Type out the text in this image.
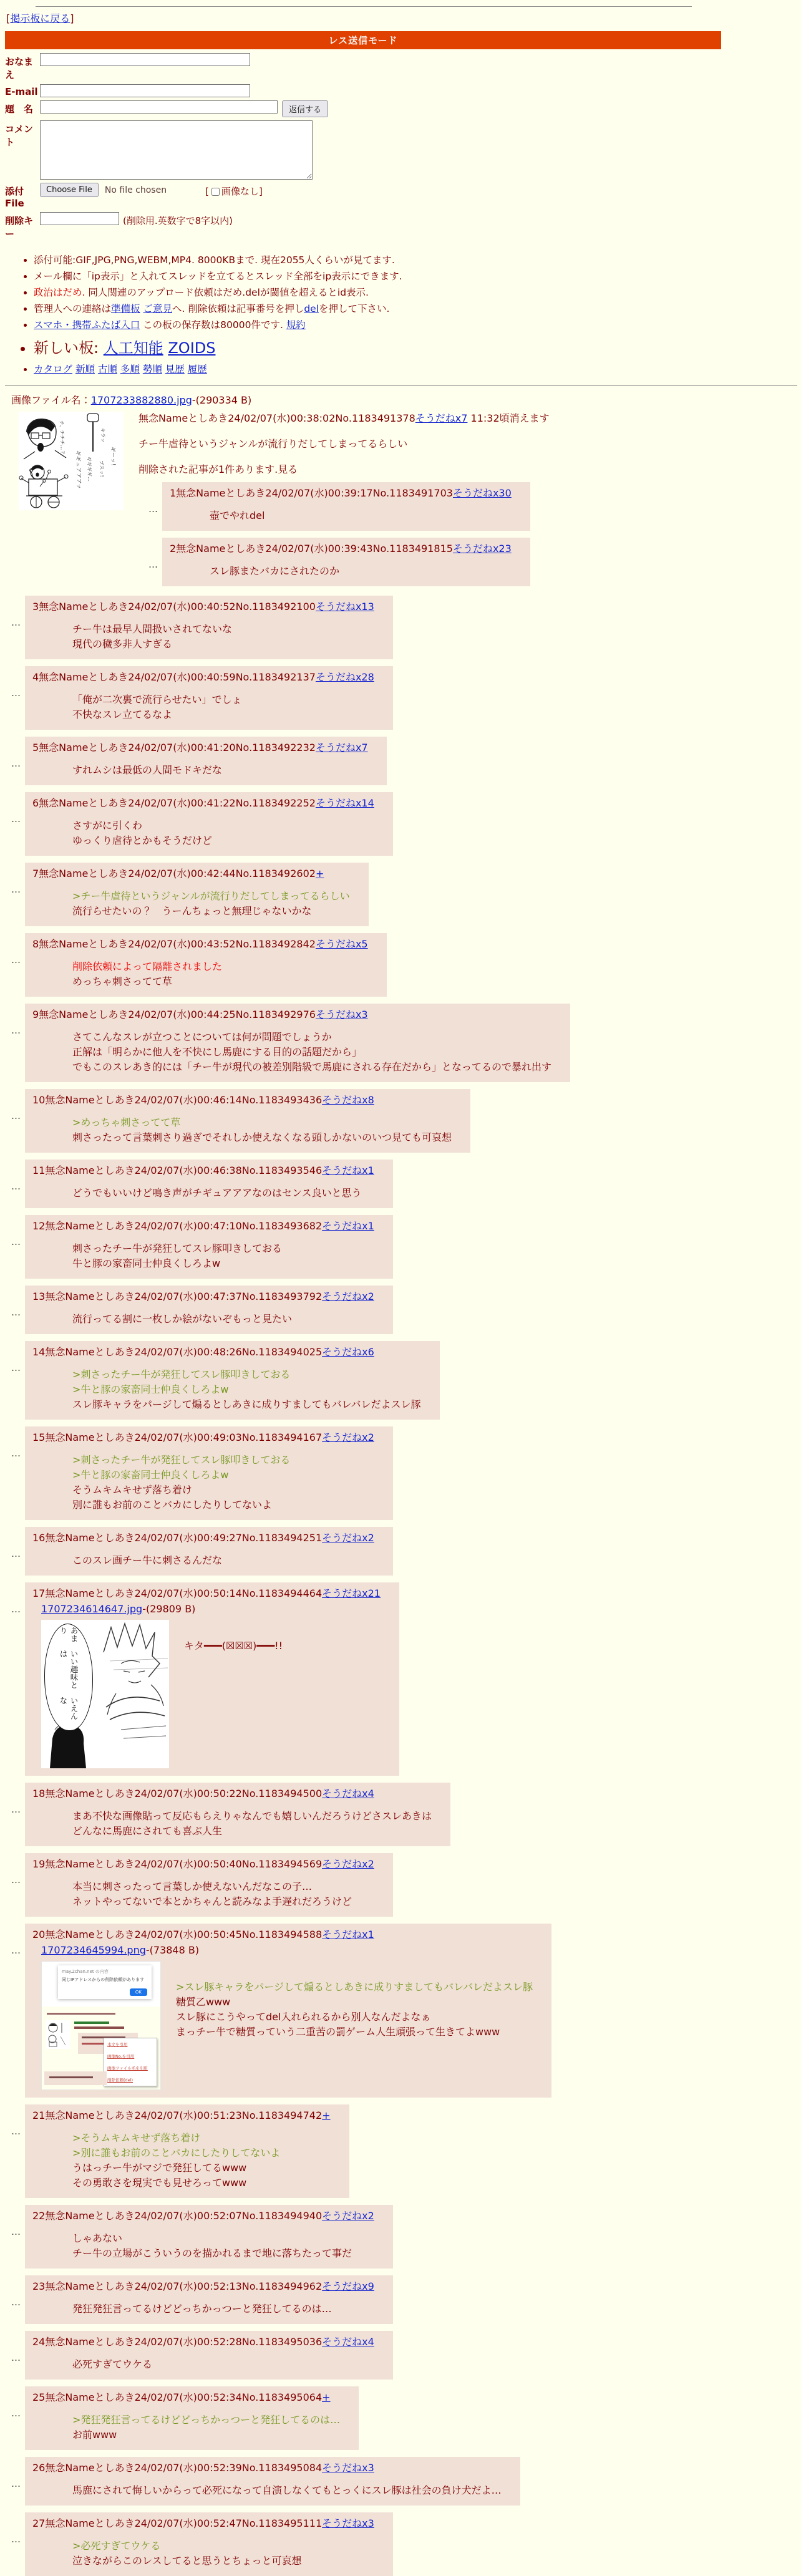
[掲示板に戻る]
レス送信モード
おなまえ
E-mail
題　名	返信する
コメント
添付File
Choose File	No file chosen	[ 画像なし]
削除キー
(削除用.英数字で8字以内)
• 添付可能:GIF,JPG,PNG,WEBM,MP4. 8000KBまで. 現在2055人くらいが見てます.
• メール欄に「ip表示」と入れてスレッドを立てるとスレッド全部をip表示にできます.
• 政治はだめ. 同人関連のアップロード依頼はだめ.delが閾値を超えるとid表示.
• 管理人への連絡は準備板 ご意見へ. 削除依頼は記事番号を押しdelを押して下さい.
• スマホ・携帯ふたば入口 この板の保存数は80000件です. 規約
• 新しい板: 人工知能 ZOIDS
• カタログ 新順 古順 多順 勢順 見歴 履歴
画像ファイル名：1707233882880.jpg-(290334 B)
チ、チチチ…？	キラッ
ギギュアアアッ ギギギギ… ブスッ!
ギーッ!
無念Nameとしあき24/02/07(水)00:38:02No.1183491378そうだねx7 11:32頃消えます
チー牛虐待というジャンルが流行りだしてしまってるらしい
削除された記事が1件あります.見る
…
1無念Nameとしあき24/02/07(水)00:39:17No.1183491703そうだねx30
壺でやれdel
…
2無念Nameとしあき24/02/07(水)00:39:43No.1183491815そうだねx23
スレ豚またバカにされたのか
…
3無念Nameとしあき24/02/07(水)00:40:52No.1183492100そうだねx13
チー牛は最早人間扱いされてないな
現代の穢多非人すぎる
…
4無念Nameとしあき24/02/07(水)00:40:59No.1183492137そうだねx28
「俺が二次裏で流行らせたい」でしょ
不快なスレ立てるなよ
…
5無念Nameとしあき24/02/07(水)00:41:20No.1183492232そうだねx7
すれムシは最低の人間モドキだな
…
6無念Nameとしあき24/02/07(水)00:41:22No.1183492252そうだねx14
さすがに引くわ
ゆっくり虐待とかもそうだけど
…
7無念Nameとしあき24/02/07(水)00:42:44No.1183492602+
>チー牛虐待というジャンルが流行りだしてしまってるらしい
流行らせたいの？　うーんちょっと無理じゃないかな
…
8無念Nameとしあき24/02/07(水)00:43:52No.1183492842そうだねx5
削除依頼によって隔離されました
めっちゃ刺さってて草
…
9無念Nameとしあき24/02/07(水)00:44:25No.1183492976そうだねx3
さてこんなスレが立つことについては何が問題でしょうか
正解は「明らかに他人を不快にし馬鹿にする目的の話題だから」
でもこのスレあき的には「チー牛が現代の被差別階級で馬鹿にされる存在だから」となってるので暴れ出す
…
10無念Nameとしあき24/02/07(水)00:46:14No.1183493436そうだねx8
>めっちゃ刺さってて草
刺さったって言葉刺さり過ぎでそれしか使えなくなる頭しかないのいつ見ても可哀想
…
11無念Nameとしあき24/02/07(水)00:46:38No.1183493546そうだねx1
どうでもいいけど鳴き声がチギュアアアなのはセンス良いと思う
…
12無念Nameとしあき24/02/07(水)00:47:10No.1183493682そうだねx1
刺さったチー牛が発狂してスレ豚叩きしておる
牛と豚の家畜同士仲良くしろよw
…
13無念Nameとしあき24/02/07(水)00:47:37No.1183493792そうだねx2
流行ってる割に一枚しか絵がないぞもっと見たい
…
14無念Nameとしあき24/02/07(水)00:48:26No.1183494025そうだねx6
>刺さったチー牛が発狂してスレ豚叩きしておる
>牛と豚の家畜同士仲良くしろよw
スレ豚キャラをパージして煽るとしあきに成りすましてもバレバレだよスレ豚
…
15無念Nameとしあき24/02/07(水)00:49:03No.1183494167そうだねx2
>刺さったチー牛が発狂してスレ豚叩きしておる
>牛と豚の家畜同士仲良くしろよw
そうムキムキせず落ち着け
別に誰もお前のことバカにしたりしてないよ
…
16無念Nameとしあき24/02/07(水)00:49:27No.1183494251そうだねx2
このスレ画チー牛に刺さるんだな
…
17無念Nameとしあき24/02/07(水)00:50:14No.1183494464そうだねx21
1707234614647.jpg-(29809 B)
あまり
いい趣味とは
いえんな
キタ━━━(☒☒☒)━━━!!
…
18無念Nameとしあき24/02/07(水)00:50:22No.1183494500そうだねx4
まあ不快な画像貼って反応もらえりゃなんでも嬉しいんだろうけどさスレあきは
どんなに馬鹿にされても喜ぶ人生
…
19無念Nameとしあき24/02/07(水)00:50:40No.1183494569そうだねx2
本当に刺さったって言葉しか使えないんだなこの子…
ネットやってないで本とかちゃんと読みなよ手遅れだろうけど
…
20無念Nameとしあき24/02/07(水)00:50:45No.1183494588そうだねx1
1707234645994.png-(73848 B)
may.2chan.net の内容
同じIPアドレスからの削除依頼があります
OK
本文を引用
画像No.を引用
画像ファイル名を引用
削除依頼(del)
>スレ豚キャラをパージして煽るとしあきに成りすましてもバレバレだよスレ豚
糖質乙www
スレ豚にこうやってdel入れられるから別人なんだよなぁ
まっチー牛で糖質っていう二重苦の罰ゲーム人生頑張って生きてよwww
…
21無念Nameとしあき24/02/07(水)00:51:23No.1183494742+
>そうムキムキせず落ち着け
>別に誰もお前のことバカにしたりしてないよ
うはっチー牛がマジで発狂してるwww
その勇敢さを現実でも見せろってwww
…
22無念Nameとしあき24/02/07(水)00:52:07No.1183494940そうだねx2
しゃあない
チー牛の立場がこういうのを描かれるまで地に落ちたって事だ
…
23無念Nameとしあき24/02/07(水)00:52:13No.1183494962そうだねx9
発狂発狂言ってるけどどっちかっつーと発狂してるのは…
…
24無念Nameとしあき24/02/07(水)00:52:28No.1183495036そうだねx4
必死すぎてウケる
…
25無念Nameとしあき24/02/07(水)00:52:34No.1183495064+
>発狂発狂言ってるけどどっちかっつーと発狂してるのは…
お前www
…
26無念Nameとしあき24/02/07(水)00:52:39No.1183495084そうだねx3
馬鹿にされて悔しいからって必死になって自演しなくてもとっくにスレ豚は社会の負け犬だよ…
…
27無念Nameとしあき24/02/07(水)00:52:47No.1183495111そうだねx3
>必死すぎてウケる
泣きながらこのレスしてると思うとちょっと可哀想
